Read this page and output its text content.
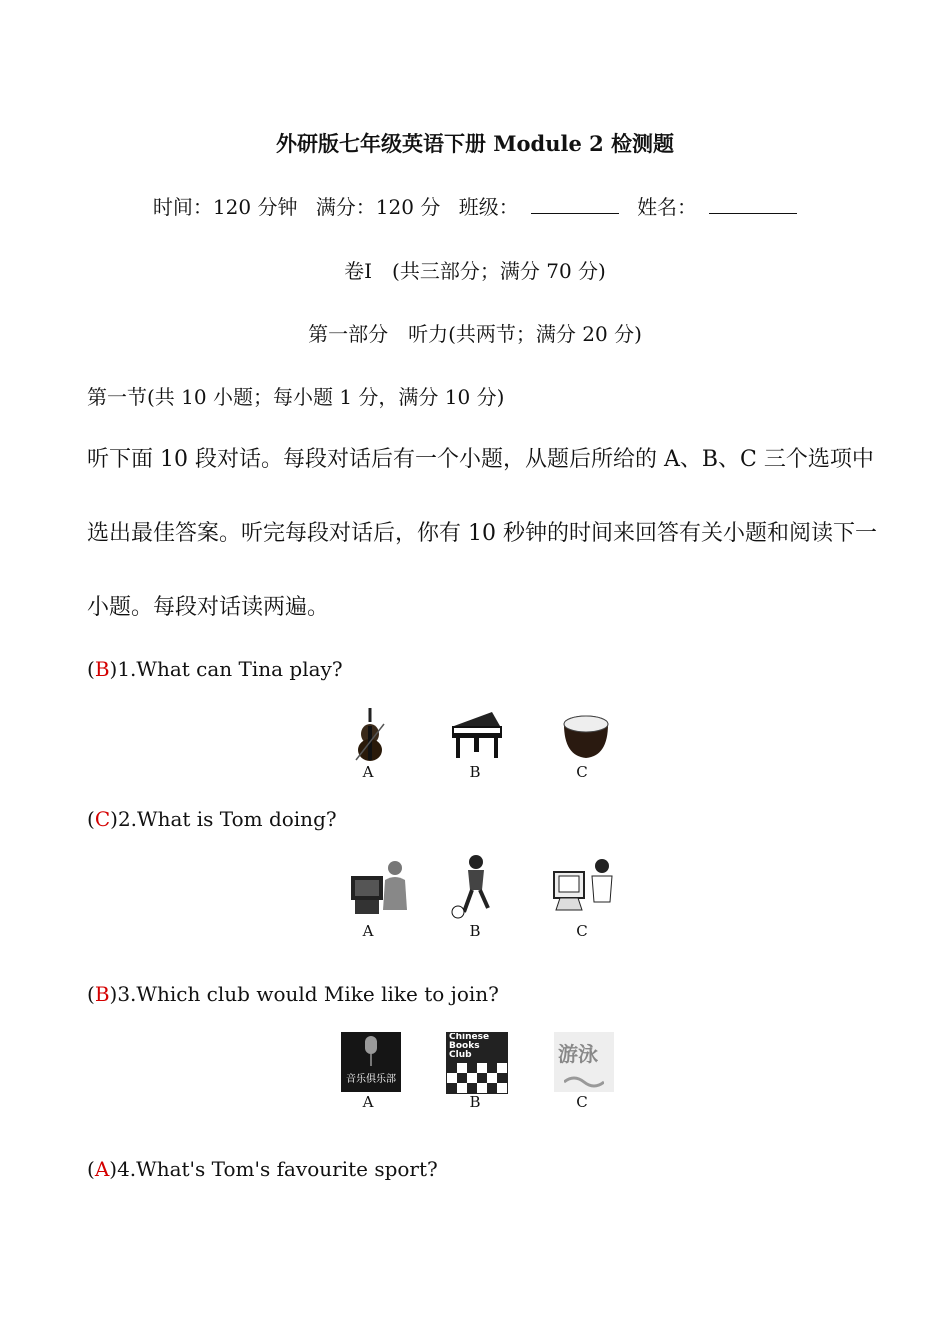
外研版七年级英语下册 Module 2 检测题
时间：120 分钟 满分：120 分 班级：	姓名：
卷Ⅰ　(共三部分；满分 70 分)
第一部分　听力(共两节；满分 20 分)
第一节(共 10 小题；每小题 1 分，满分 10 分)
听下面 10 段对话。每段对话后有一个小题，从题后所给的 A、B、C 三个选项中选出最佳答案。听完每段对话后，你有 10 秒钟的时间来回答有关小题和阅读下一小题。每段对话读两遍。
(B)1.What can Tina play?
A	B	C
(C)2.What is Tom doing?
A	B	C
(B)3.Which club would Mike like to join?
音乐俱乐部
Chinese Books Club	游泳
A	B	C
(A)4.What's Tom's favourite sport?
